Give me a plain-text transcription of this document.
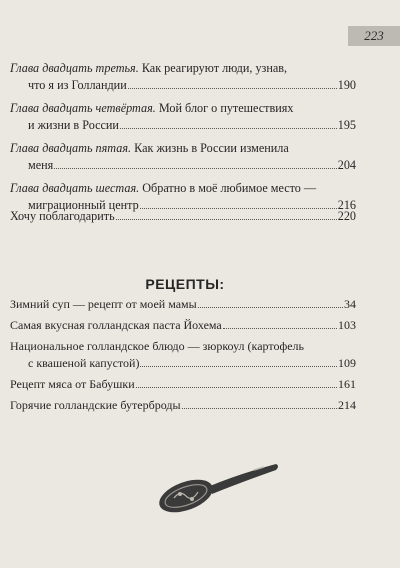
223
Глава двадцать третья. Как реагируют люди, узнав,
что я из Голландии	190
Глава двадцать четвёртая. Мой блог о путешествиях
и жизни в России	195
Глава двадцать пятая. Как жизнь в России изменила
меня	204
Глава двадцать шестая. Обратно в моё любимое место —
миграционный центр	216
Хочу поблагодарить	220
РЕЦЕПТЫ:
Зимний суп — рецепт от моей мамы	34
Самая вкусная голландская паста Йохема	103
Национальное голландское блюдо — зюркоул (картофель
с квашеной капустой)	109
Рецепт мяса от Бабушки	161
Горячие голландские бутерброды	214
